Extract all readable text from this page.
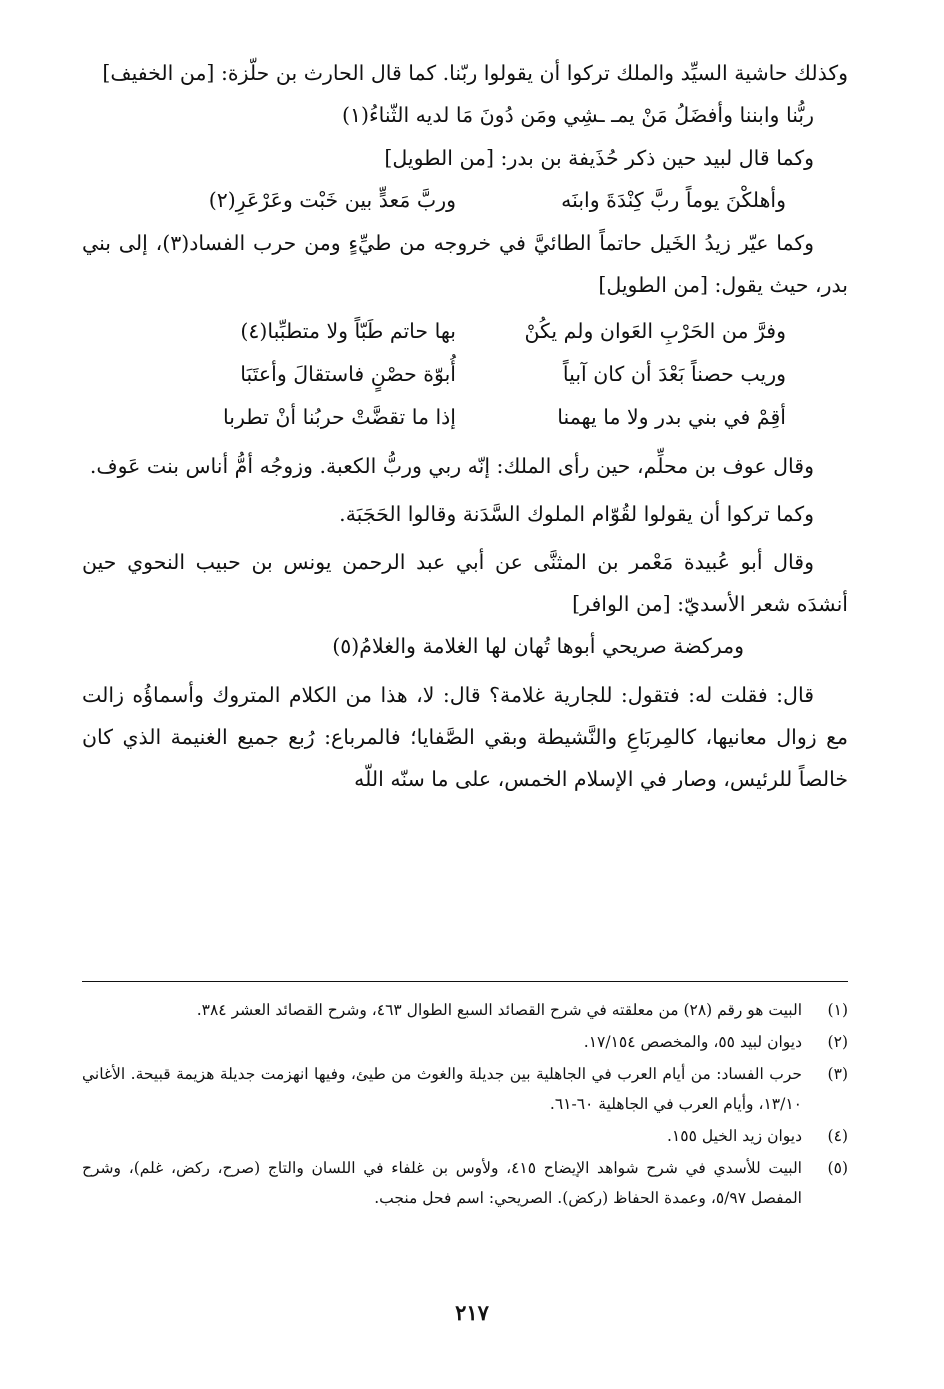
وكذلك حاشية السيِّد والملك تركوا أن يقولوا ربّنا. كما قال الحارث بن حلّزة: [من الخفيف]

ربُّنا وابننا وأفضَلُ مَنْ يمـ ـشِي ومَن دُونَ مَا لديه الثّناءُ(١)

وكما قال لبيد حين ذكر حُذَيفة بن بدر: [من الطويل]

وأهلكْنَ يوماً ربَّ كِنْدَةَ وابنَه
وربَّ مَعدٍّ بين خَبْت وعَرْعَرِ(٢)

وكما عيّر زيدُ الخَيل حاتماً الطائيَّ في خروجه من طيِّءٍ ومن حرب الفساد(٣)، إلى بني بدر، حيث يقول: [من الطويل]

وفرَّ من الحَرْبِ العَوان ولم يكُنْ
بها حاتم طَبّاً ولا متطبِّبا(٤)
وريب حصناً بَعْدَ أن كان آبياً
أُبوّة حصْنٍ فاستقالَ وأعتَبَا
أقِمْ في بني بدر ولا ما يهمنا
إذا ما تقضَّتْ حربُنا أنْ تطربا

وقال عوف بن محلِّم، حين رأى الملك: إنّه ربي وربُّ الكعبة. وزوجُه أمُّ أناس بنت عَوف.

وكما تركوا أن يقولوا لقُوّام الملوك السَّدَنة وقالوا الحَجَبَة.

وقال أبو عُبيدة مَعْمر بن المثنَّى عن أبي عبد الرحمن يونس بن حبيب النحوي حين أنشدَه شعر الأسديّ: [من الوافر]

ومركضة صريحي أبوها تُهان لها الغلامة والغلامُ(٥)

قال: فقلت له: فتقول: للجارية غلامة؟ قال: لا، هذا من الكلام المتروك وأسماؤُه زالت مع زوال معانيها، كالمِربَاعِ والنَّشيطة وبقي الصَّفايا؛ فالمرباع: رُبع جميع الغنيمة الذي كان خالصاً للرئيس، وصار في الإسلام الخمس، على ما سنّه اللّه

(١)
البيت هو رقم (٢٨) من معلقته في شرح القصائد السبع الطوال ٤٦٣، وشرح القصائد العشر ٣٨٤.
(٢)
ديوان لبيد ٥٥، والمخصص ١٧/١٥٤.
(٣)
حرب الفساد: من أيام العرب في الجاهلية بين جديلة والغوث من طيئ، وفيها انهزمت جديلة هزيمة قبيحة. الأغاني ١٣/١٠، وأيام العرب في الجاهلية ٦٠-٦١.
(٤)
ديوان زيد الخيل ١٥٥.
(٥)
البيت للأسدي في شرح شواهد الإيضاح ٤١٥، ولأوس بن غلفاء في اللسان والتاج (صرح، ركض، غلم)، وشرح المفصل ٥/٩٧، وعمدة الحفاظ (ركض). الصريحي: اسم فحل منجب.
٢١٧
